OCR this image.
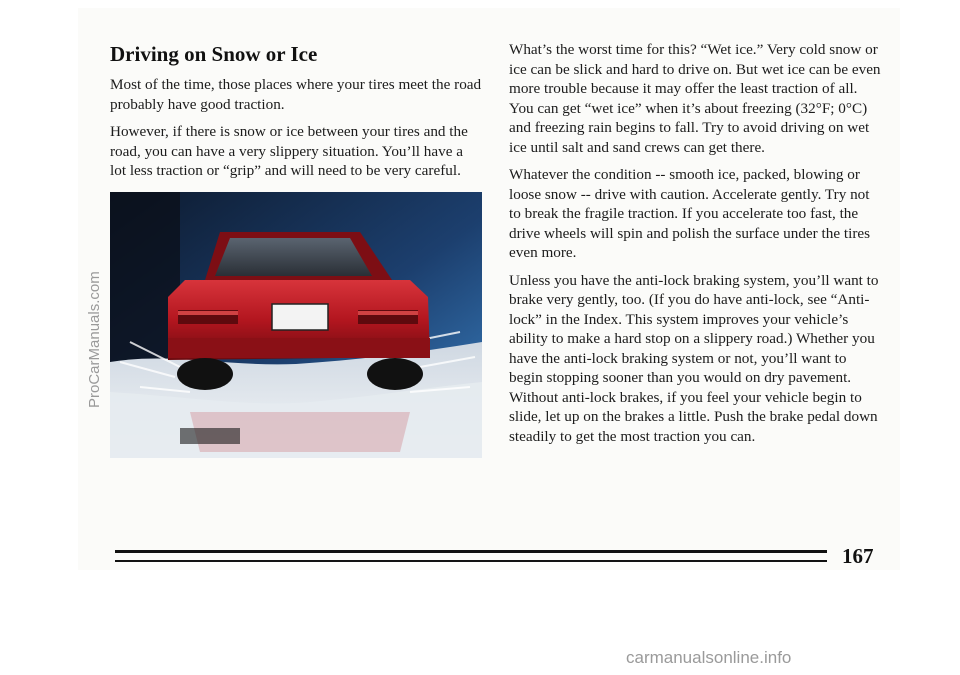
Driving on Snow or Ice

Most of the time, those places where your tires meet the road probably have good traction.

However, if there is snow or ice between your tires and the road, you can have a very slippery situation. You’ll have a lot less traction or “grip” and will need to be very careful.

What’s the worst time for this? “Wet ice.” Very cold snow or ice can be slick and hard to drive on. But wet ice can be even more trouble because it may offer the least traction of all. You can get “wet ice” when it’s about freezing (32°F; 0°C) and freezing rain begins to fall. Try to avoid driving on wet ice until salt and sand crews can get there.

Whatever the condition -- smooth ice, packed, blowing or loose snow -- drive with caution. Accelerate gently. Try not to break the fragile traction. If you accelerate too fast, the drive wheels will spin and polish the surface under the tires even more.

Unless you have the anti-lock braking system, you’ll want to brake very gently, too. (If you do have anti-lock, see “Anti-lock” in the Index. This system improves your vehicle’s ability to make a hard stop on a slippery road.) Whether you have the anti-lock braking system or not, you’ll want to begin stopping sooner than you would on dry pavement. Without anti-lock brakes, if you feel your vehicle begin to slide, let up on the brakes a little. Push the brake pedal down steadily to get the most traction you can.

167
ProCarManuals.com
carmanualsonline.info
